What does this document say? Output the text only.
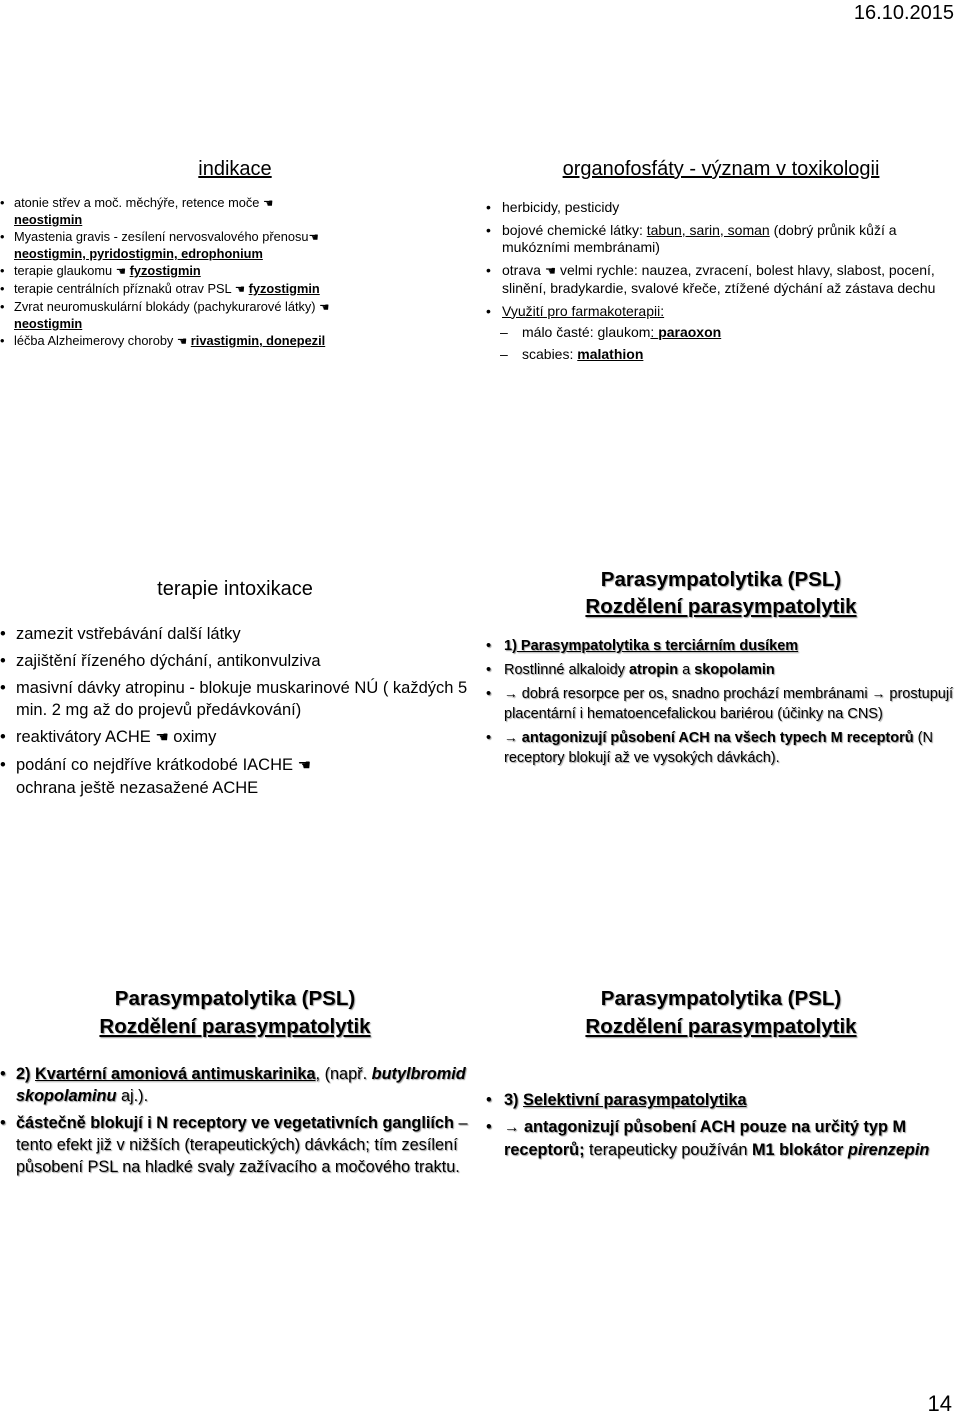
16.10.2015
indikace
• atonie střev a moč. měchýře, retence moče ☚
neostigmin
• Myastenia gravis - zesílení nervosvalového přenosu☚
neostigmin, pyridostigmin, edrophonium
• terapie glaukomu ☚ fyzostigmin
• terapie centrálních příznaků otrav PSL ☚ fyzostigmin
• Zvrat neuromuskulární blokády (pachykurarové látky) ☚
neostigmin
• léčba Alzheimerovy choroby ☚ rivastigmin, donepezil
organofosfáty - význam v toxikologii
• herbicidy, pesticidy
• bojové chemické látky: tabun, sarin, soman (dobrý průnik kůží a mukózními membránami)
• otrava ☚ velmi rychle: nauzea, zvracení, bolest hlavy, slabost, pocení, slinění, bradykardie, svalové křeče, ztížené dýchání až zástava dechu
• Využití pro farmakoterapii:
– málo časté: glaukom: paraoxon
– scabies: malathion
terapie intoxikace
• zamezit vstřebávání další látky
• zajištění řízeného dýchání, antikonvulziva
• masivní dávky atropinu - blokuje muskarinové NÚ ( každých 5 min. 2 mg až do projevů předávkování)
• reaktivátory ACHE ☚ oximy
• podání co nejdříve krátkodobé IACHE ☚
ochrana ještě nezasažené ACHE
Parasympatolytika (PSL)
Rozdělení parasympatolytik
• 1) Parasympatolytika s terciárním dusíkem
• Rostlinné alkaloidy atropin a skopolamin
• → dobrá resorpce per os, snadno prochází membránami → prostupují placentární i hematoencefalickou bariérou (účinky na CNS)
• → antagonizují působení ACH na všech typech M receptorů (N receptory blokují až ve vysokých dávkách).
Parasympatolytika (PSL)
Rozdělení parasympatolytik
• 2) Kvartérní amoniová antimuskarinika, (např. butylbromid skopolaminu aj.).
• částečně blokují i N receptory ve vegetativních gangliích – tento efekt již v nižších (terapeutických) dávkách; tím zesílení působení PSL na hladké svaly zažívacího a močového traktu.
Parasympatolytika (PSL)
Rozdělení parasympatolytik
• 3) Selektivní parasympatolytika
• → antagonizují působení ACH pouze na určitý typ M receptorů; terapeuticky používán M1 blokátor pirenzepin
14
